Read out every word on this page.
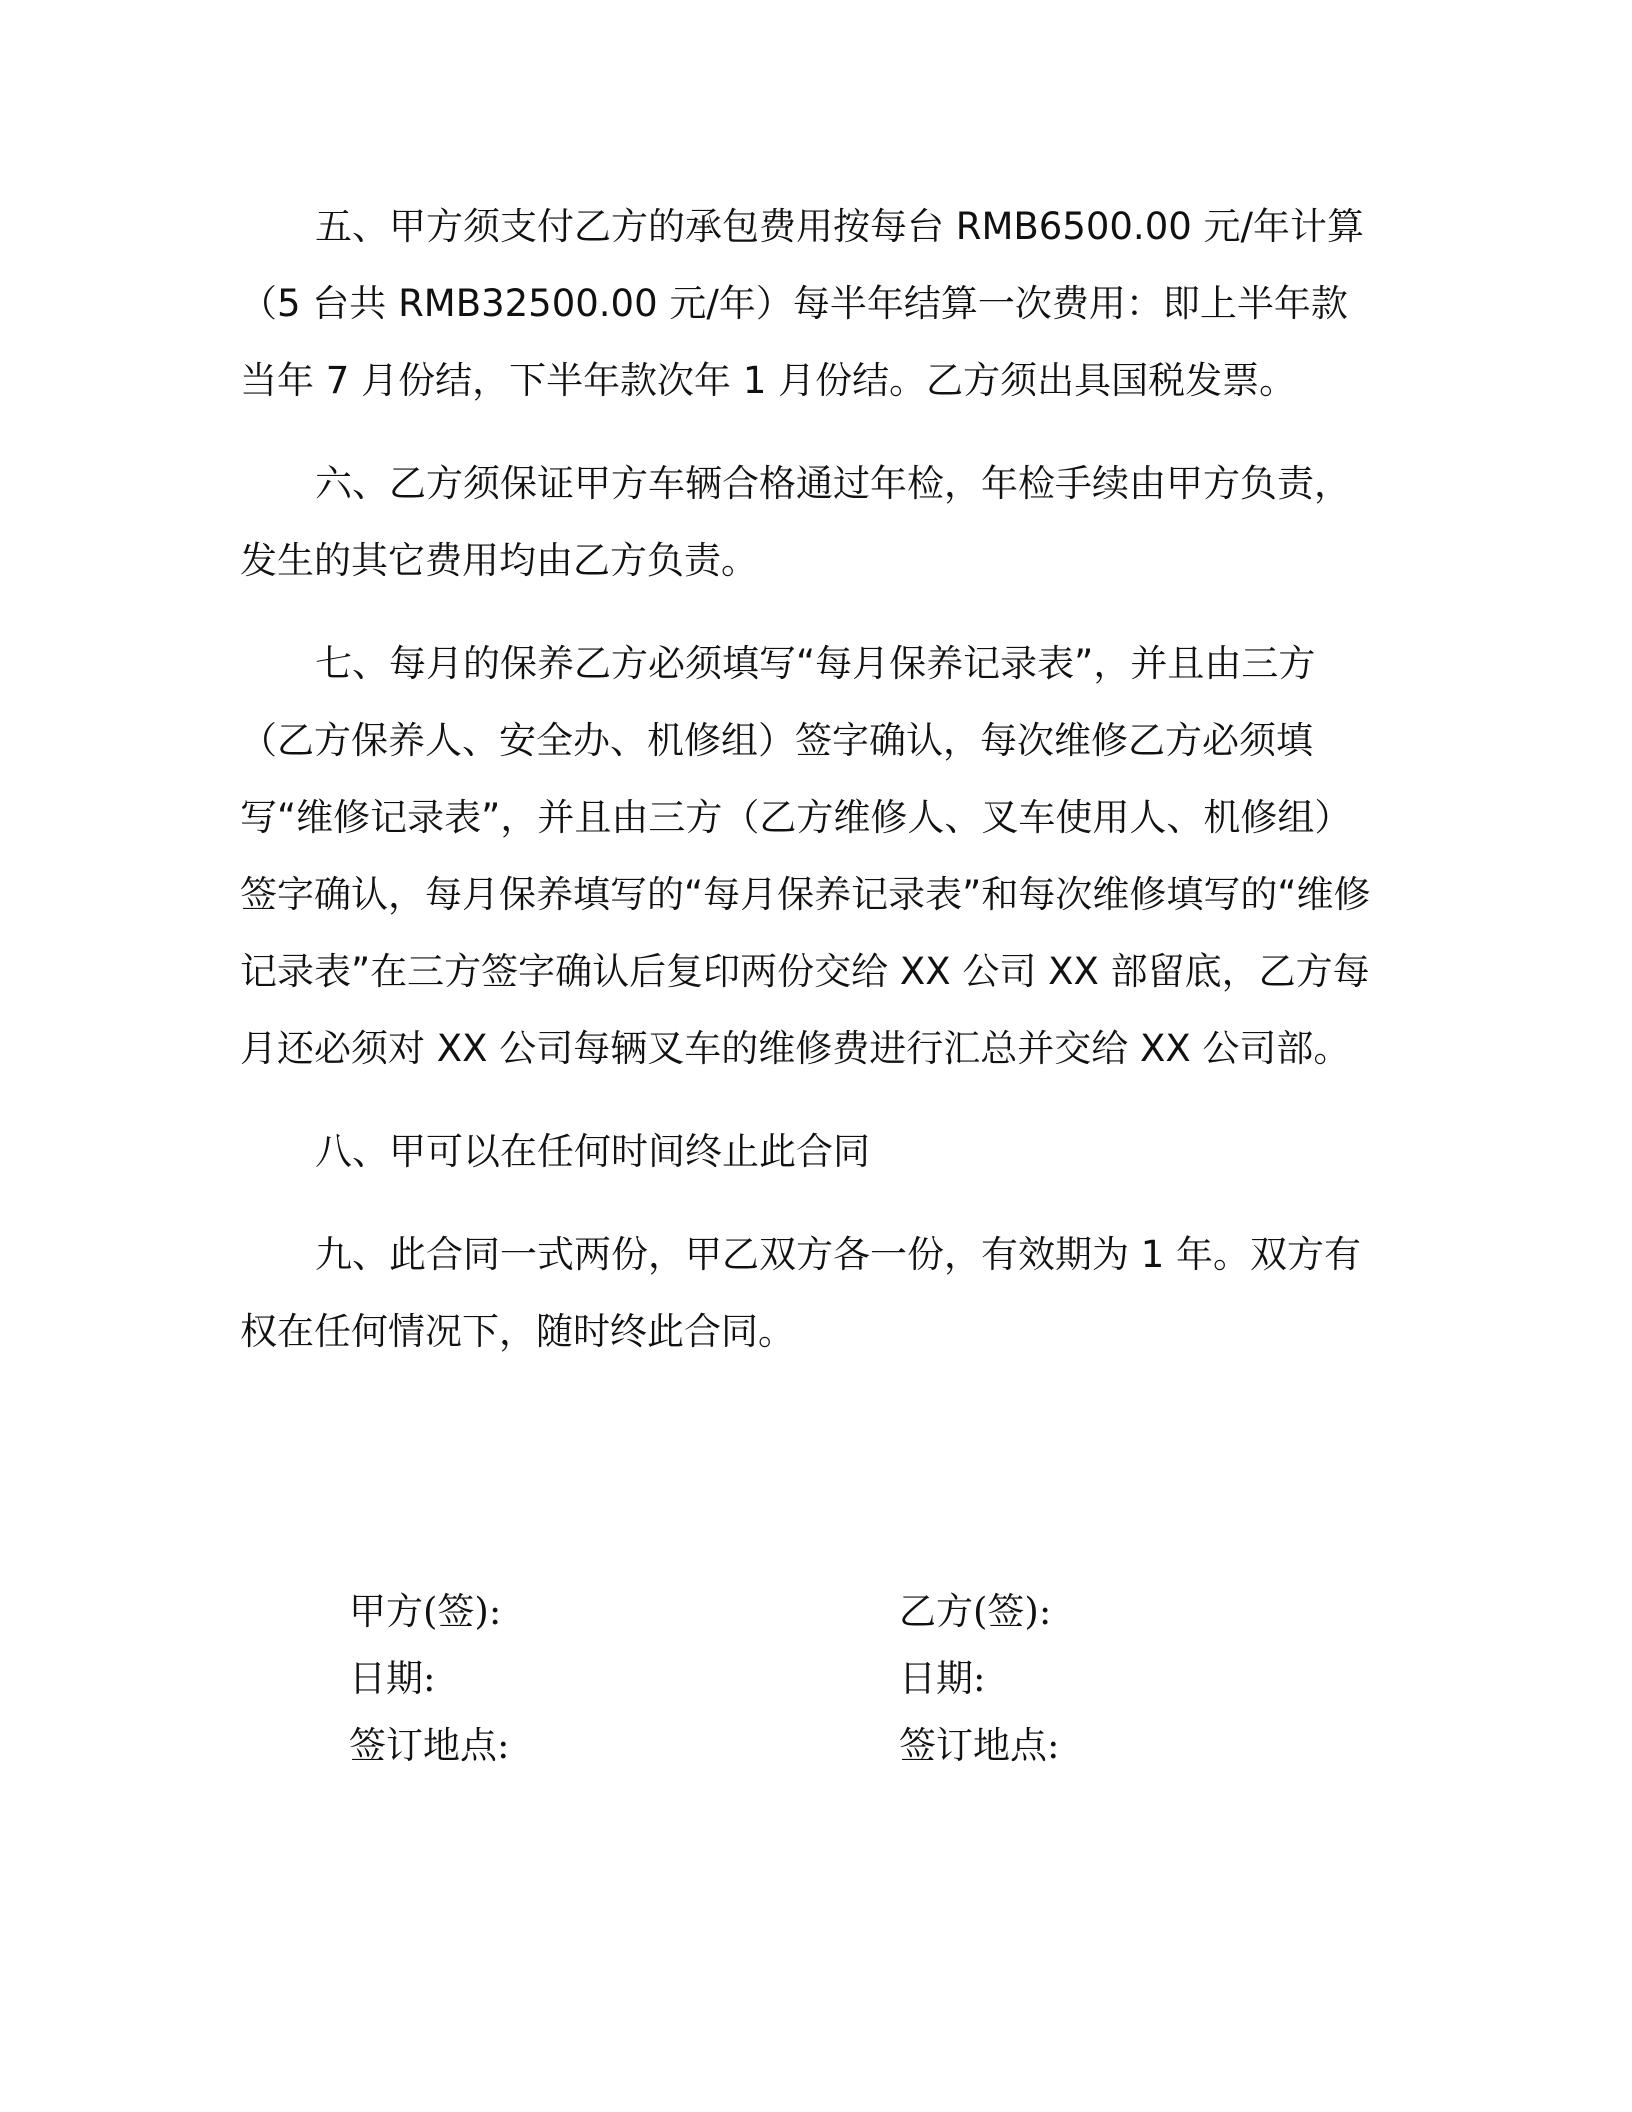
五、甲方须支付乙方的承包费用按每台 RMB6500.00 元/年计算（5 台共 RMB32500.00 元/年）每半年结算一次费用：即上半年款当年 7 月份结，下半年款次年 1 月份结。乙方须出具国税发票。

六、乙方须保证甲方车辆合格通过年检，年检手续由甲方负责，发生的其它费用均由乙方负责。

七、每月的保养乙方必须填写“每月保养记录表”，并且由三方（乙方保养人、安全办、机修组）签字确认，每次维修乙方必须填写“维修记录表”，并且由三方（乙方维修人、叉车使用人、机修组）签字确认，每月保养填写的“每月保养记录表”和每次维修填写的“维修记录表”在三方签字确认后复印两份交给 XX 公司 XX 部留底，乙方每月还必须对 XX 公司每辆叉车的维修费进行汇总并交给 XX 公司部。

八、甲可以在任何时间终止此合同

九、此合同一式两份，甲乙双方各一份，有效期为 1 年。双方有权在任何情况下，随时终此合同。

甲方(签):
日期:
签订地点:
乙方(签):
日期:
签订地点:
